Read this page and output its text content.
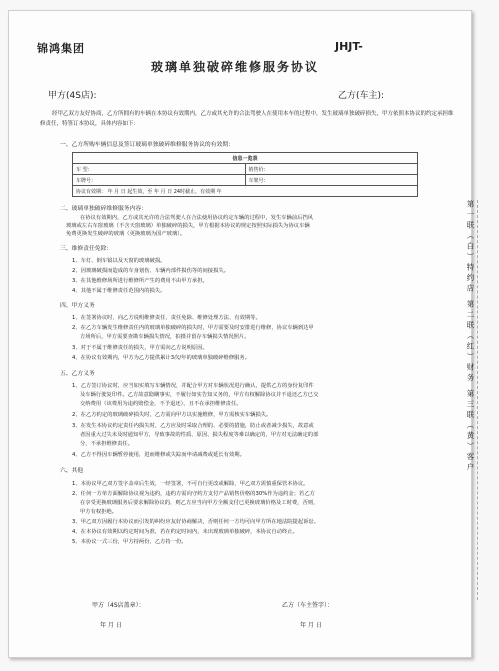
锦鸿集团	JHJT-
玻璃单独破碎维修服务协议
甲方(4S店):	乙方(车主):
经甲乙双方友好协商，乙方所拥有的车辆在本协议有效期内，乙方或其允许的合法驾驶人在使用本车的过程中，发生玻璃单独破碎损失，甲方依照本协议的约定承担维修责任，特签订本协议，具体内容如下：
一、乙方所购车辆信息及签订玻璃单独破碎维修服务协议的有效期：
信息一览表	
车 型：	销售价：
车牌号：	车架号：
协议有效期： 年 月 日 起生效，至 年 月 日 24时截止，有效期 年	
二、玻璃单独破碎维修服务内容：
在协议有效期内，乙方或其允许的合法驾驶人在合法使用协议约定车辆的过程中，发生车辆前后挡风
玻璃或左右车窗玻璃（不含天窗玻璃）单独破碎的损失，甲方根据本协议的规定按照实际损失为协议车辆
免费更换发生破碎的玻璃（更换玻璃为国产玻璃）。
三、维修责任免除：
1、车灯、倒车镜以及天窗的玻璃破损。
2、因玻璃破损而造成的车身划伤、车辆内部件损伤等的间接损失。
3、在其他维修场所进行维修所产生的费用不由甲方承担。
4、其他不属于维修责任范围内的损失。
四、甲方义务
1、在签署协议时，向乙方说明维修责任、责任免除、维修处理方法、有效期等。
2、在乙方车辆发生维修责任内的玻璃单独破碎的损失时，甲方需要及时安排进行维修，协议车辆到达甲
方场所后，甲方需要查勘车辆损失情况，拍摄并留存车辆损失情况照片。
3、对于不属于维修责任的损失，甲方需向乙方说明原因。
4、在协议有效期内，甲方为乙方提供累计3次/年的玻璃单独破碎维修服务。
五、乙方义务
1、乙方签订协议时，应当如实填写车辆情况，并配合甲方对车辆状况进行确认，提供乙方的身份复印件
及车辆行驶复印件。乙方故意隐瞒事实，不履行如实告知义务的，甲方有权解除协议并不退还乙方已交
交纳费用（该费用为违约赔偿金，不予退还），且不在承担维修责任。
2、在乙方约定的玻璃破碎损失时，乙方需向甲方以实施维修，甲方需核实车辆损失。
3、在发生本协议约定责任内损失时，乙方应及时采取合理的、必要的措施，防止或者减少损失，故意或
者因重大过失未及时通知甲方，导致事故的性质、原因、损失程度等难以确定的，甲方对无法确定的部
分，不承担维修责任。
4、乙方不得因车辆暂停使用，进而维修或失踪而申请减费或延长有效期。
六、其他
1、本协议甲乙双方签字盖章后生效，一经签署，不可自行更改或解除，甲乙双方需慎重保管本协议。
2、任何一方单方面解除协议视为违约，违约方需向守约方支付产品销售价格的30%作为违约金；若乙方
在享受更换玻璃服务后要求解除协议的，则乙方应当向甲方全额支付已更换玻璃价格及工时费，否则，
甲方有权拒绝。
3、甲乙双方因履行本协议而引发的纠纷应友好协商解决，否则任何一方均可向甲方所在地法院提起诉讼。
4、在本协议有效期以约定时间为准，若在约定时间内，未出现玻璃单独破碎，本协议自动终止。
5、本协议一式三份，甲方持两份，乙方持一份。
甲方（4S店盖章）：	乙方（车主签字）：
年 月 日	年 月 日
第一联（白）特约店 第二联（红）财务 第三联（黄）客户
